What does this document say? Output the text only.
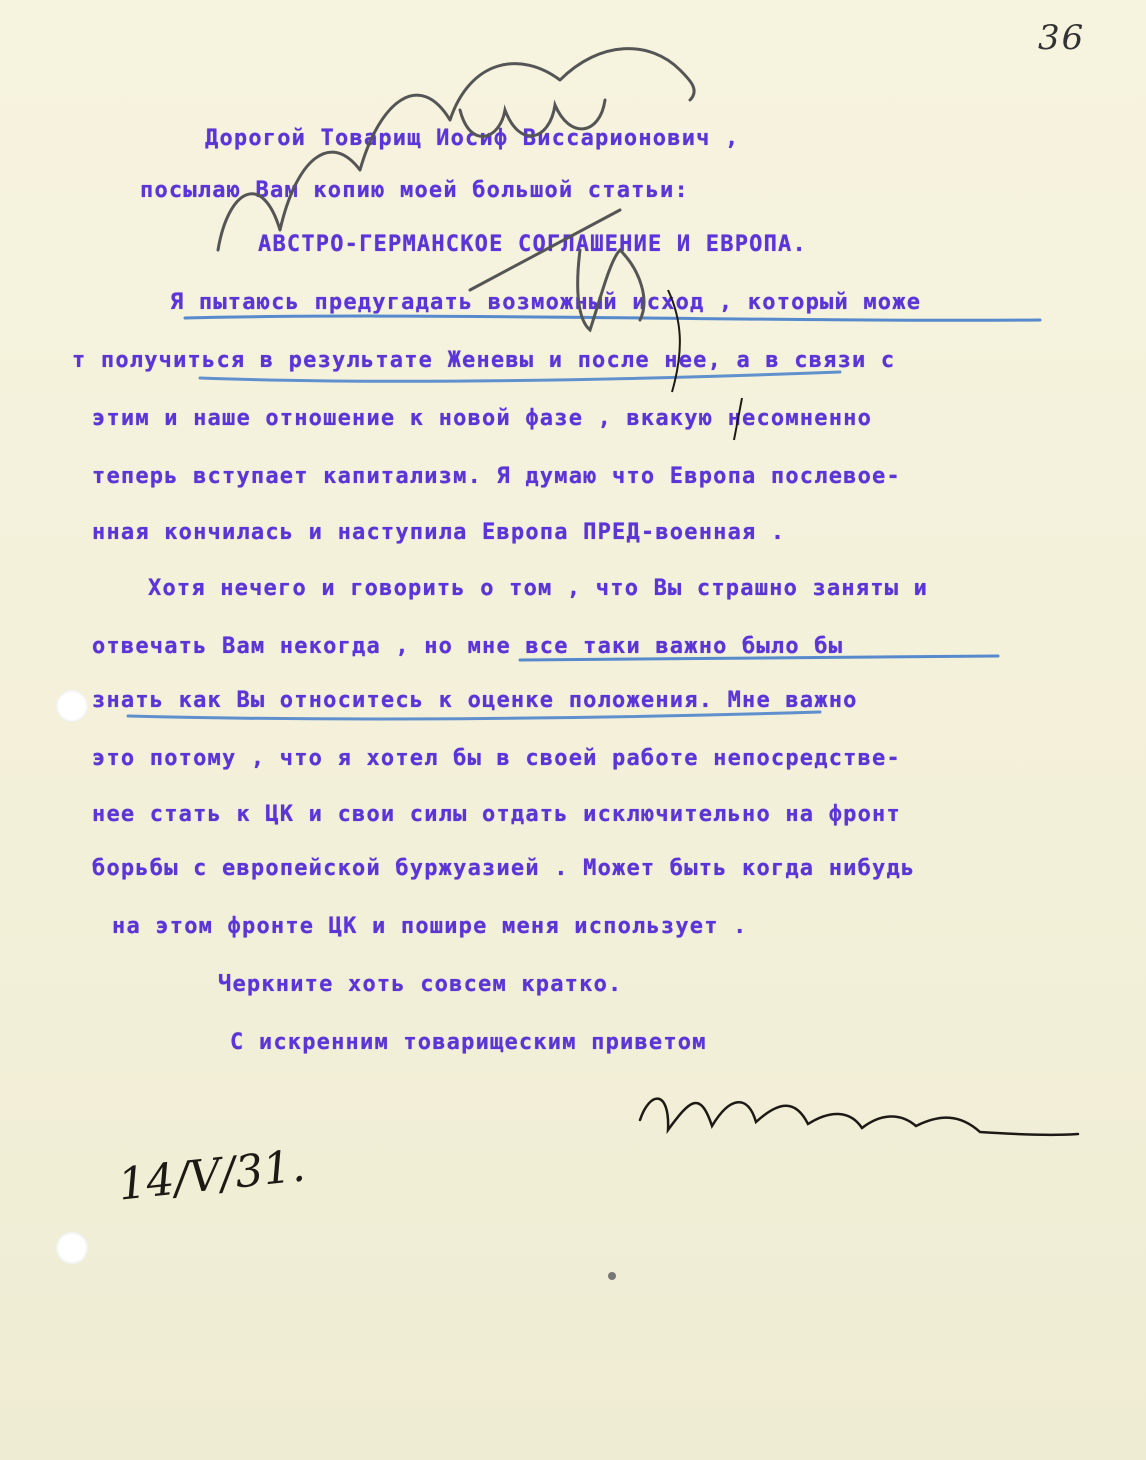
36
Дорогой Товарищ Иосиф Виссарионович ,
посылаю Вам копию моей большой статьи:
АВСТРО-ГЕРМАНСКОЕ СОГЛАШЕНИЕ И ЕВРОПА.
Я пытаюсь предугадать возможный исход , который може
т получиться в результате Женевы и после нее, а в связи с
этим и наше отношение к новой фазе , вкакую несомненно
теперь вступает капитализм. Я думаю что Европа послевое-
нная кончилась и наступила Европа ПРЕД-военная .
Хотя нечего и говорить о том , что Вы страшно заняты и
отвечать Вам некогда , но мне все таки важно было бы
знать как Вы относитесь к оценке положения. Мне важно
это потому , что я хотел бы в своей работе непосредстве-
нее стать к ЦК и свои силы отдать исключительно на фронт
борьбы с европейской буржуазией . Может быть когда нибудь
на этом фронте ЦК и пошире меня использует .
Черкните хоть совсем кратко.
С искренним товарищеским приветом
14/V/31.
